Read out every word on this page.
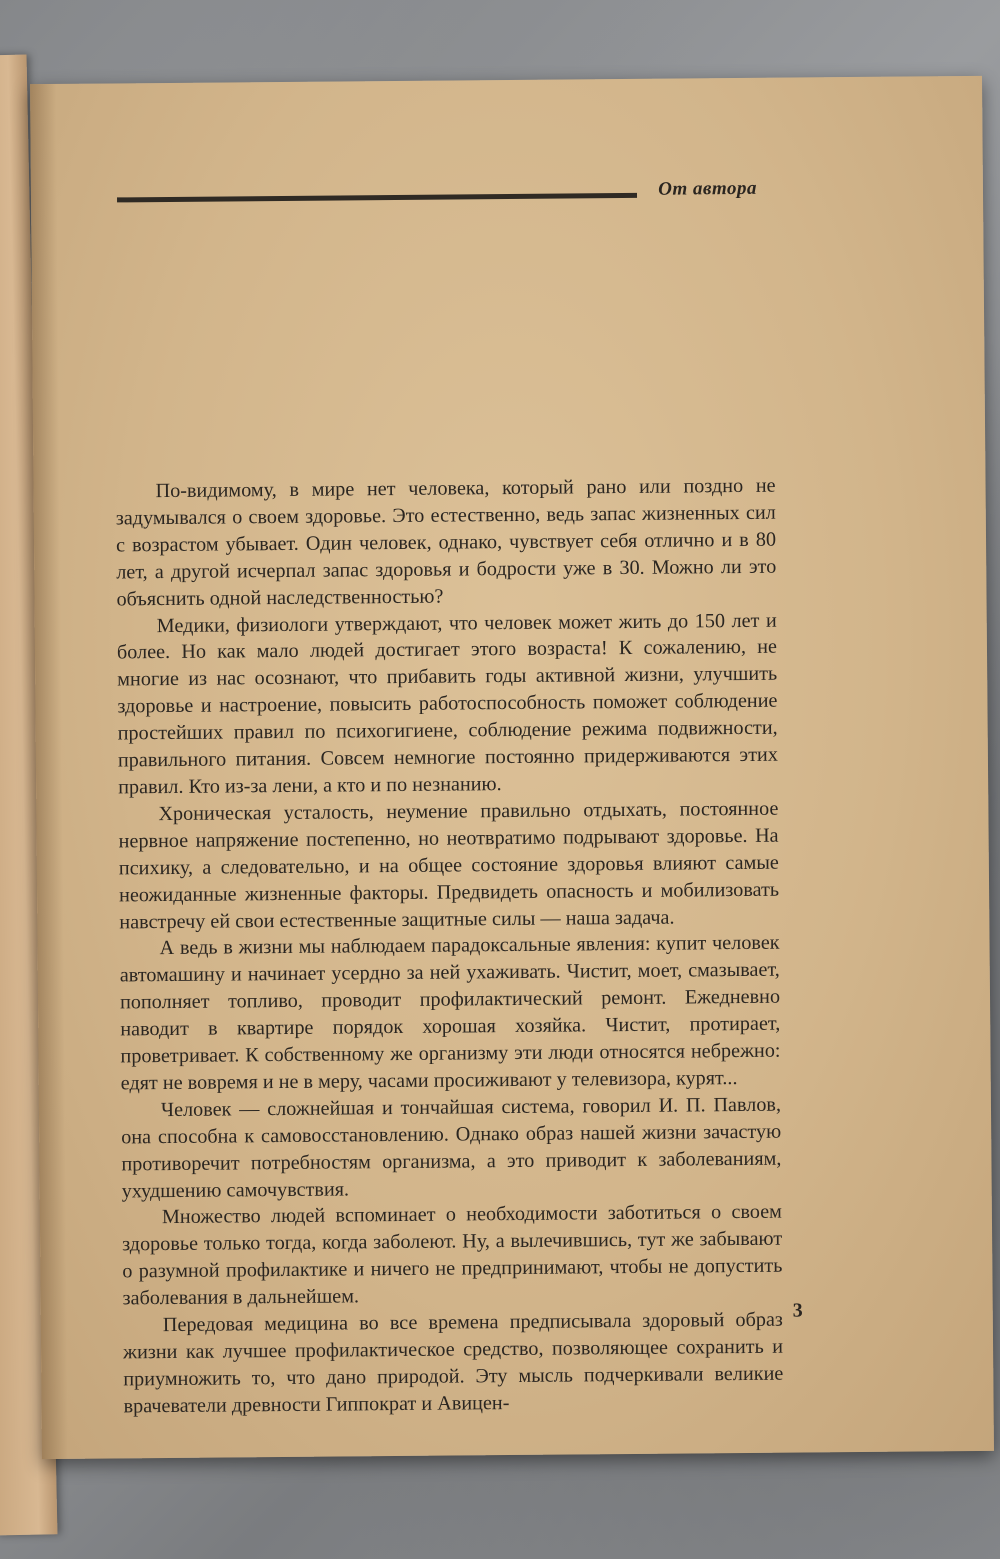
От автора

По-видимому, в мире нет человека, который рано или поздно не задумывался о своем здоровье. Это естественно, ведь запас жизненных сил с возрастом убывает. Один человек, однако, чувствует себя отлично и в 80 лет, а другой исчерпал запас здоровья и бодрости уже в 30. Можно ли это объяснить одной наследственностью?

Медики, физиологи утверждают, что человек может жить до 150 лет и более. Но как мало людей достигает этого возраста! К сожалению, не многие из нас осознают, что прибавить годы активной жизни, улучшить здоровье и настроение, повысить работоспособность поможет соблюдение простейших правил по психогигиене, соблюдение режима подвижности, правильного питания. Совсем немногие постоянно придерживаются этих правил. Кто из-за лени, а кто и по незнанию.

Хроническая усталость, неумение правильно отдыхать, постоянное нервное напряжение постепенно, но неотвратимо подрывают здоровье. На психику, а следовательно, и на общее состояние здоровья влияют самые неожиданные жизненные факторы. Предвидеть опасность и мобилизовать навстречу ей свои естественные защитные силы — наша задача.

А ведь в жизни мы наблюдаем парадоксальные явления: купит человек автомашину и начинает усердно за ней ухаживать. Чистит, моет, смазывает, пополняет топливо, проводит профилактический ремонт. Ежедневно наводит в квартире порядок хорошая хозяйка. Чистит, протирает, проветривает. К собственному же организму эти люди относятся небрежно: едят не вовремя и не в меру, часами просиживают у телевизора, курят...

Человек — сложнейшая и тончайшая система, говорил И. П. Павлов, она способна к самовосстановлению. Однако образ нашей жизни зачастую противоречит потребностям организма, а это приводит к заболеваниям, ухудшению самочувствия.

Множество людей вспоминает о необходимости заботиться о своем здоровье только тогда, когда заболеют. Ну, а вылечившись, тут же забывают о разумной профилактике и ничего не предпринимают, чтобы не допустить заболевания в дальнейшем.

Передовая медицина во все времена предписывала здоровый образ жизни как лучшее профилактическое средство, позволяющее сохранить и приумножить то, что дано природой. Эту мысль подчеркивали великие врачеватели древности Гиппократ и Авицен-

3
